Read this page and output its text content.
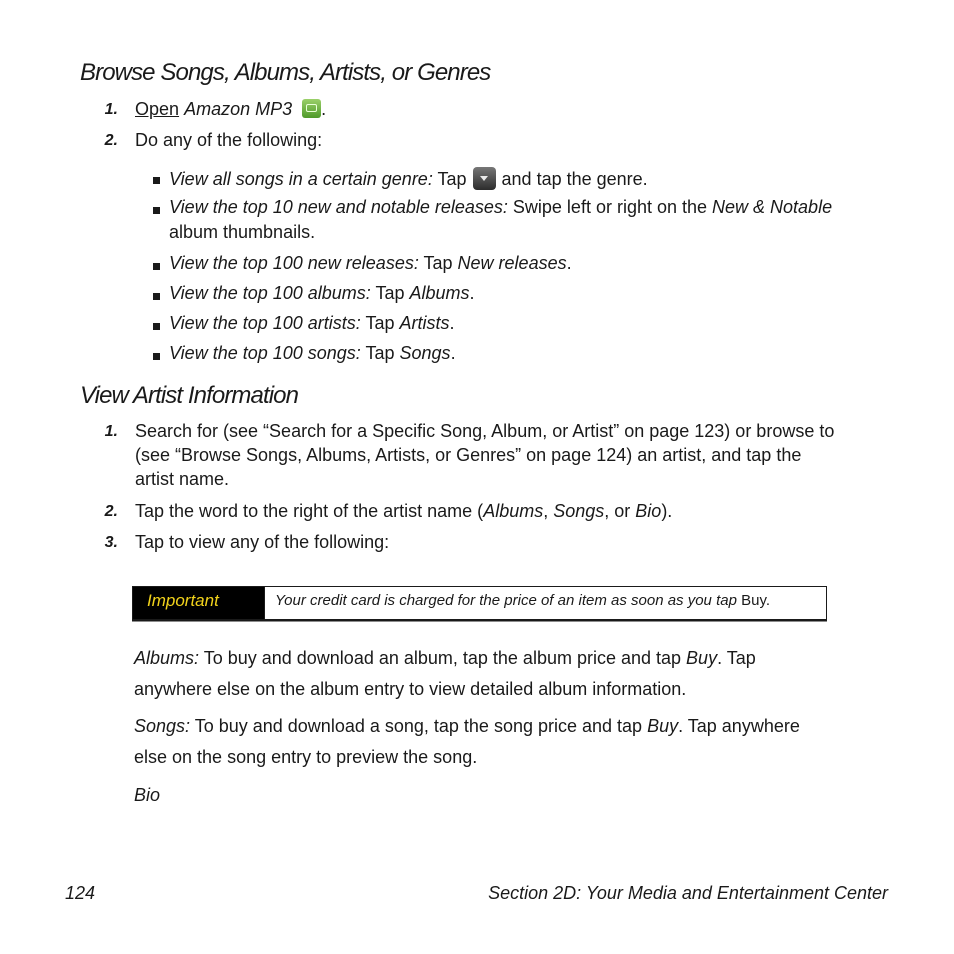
Browse Songs, Albums, Artists, or Genres
1. Open Amazon MP3 .
2. Do any of the following:
View all songs in a certain genre: Tap and tap the genre.
View the top 10 new and notable releases: Swipe left or right on the New & Notable
album thumbnails.
View the top 100 new releases: Tap New releases.
View the top 100 albums: Tap Albums.
View the top 100 artists: Tap Artists.
View the top 100 songs: Tap Songs.
View Artist Information
1. Search for (see “Search for a Specific Song, Album, or Artist” on page 123) or browse to
(see “Browse Songs, Albums, Artists, or Genres” on page 124) an artist, and tap the
artist name.
2. Tap the word to the right of the artist name (Albums, Songs, or Bio).
3. Tap to view any of the following:
Important	Your credit card is charged for the price of an item as soon as you tap Buy.
Albums: To buy and download an album, tap the album price and tap Buy. Tap
anywhere else on the album entry to view detailed album information.
Songs: To buy and download a song, tap the song price and tap Buy. Tap anywhere
else on the song entry to preview the song.
Bio
124	Section 2D: Your Media and Entertainment Center
